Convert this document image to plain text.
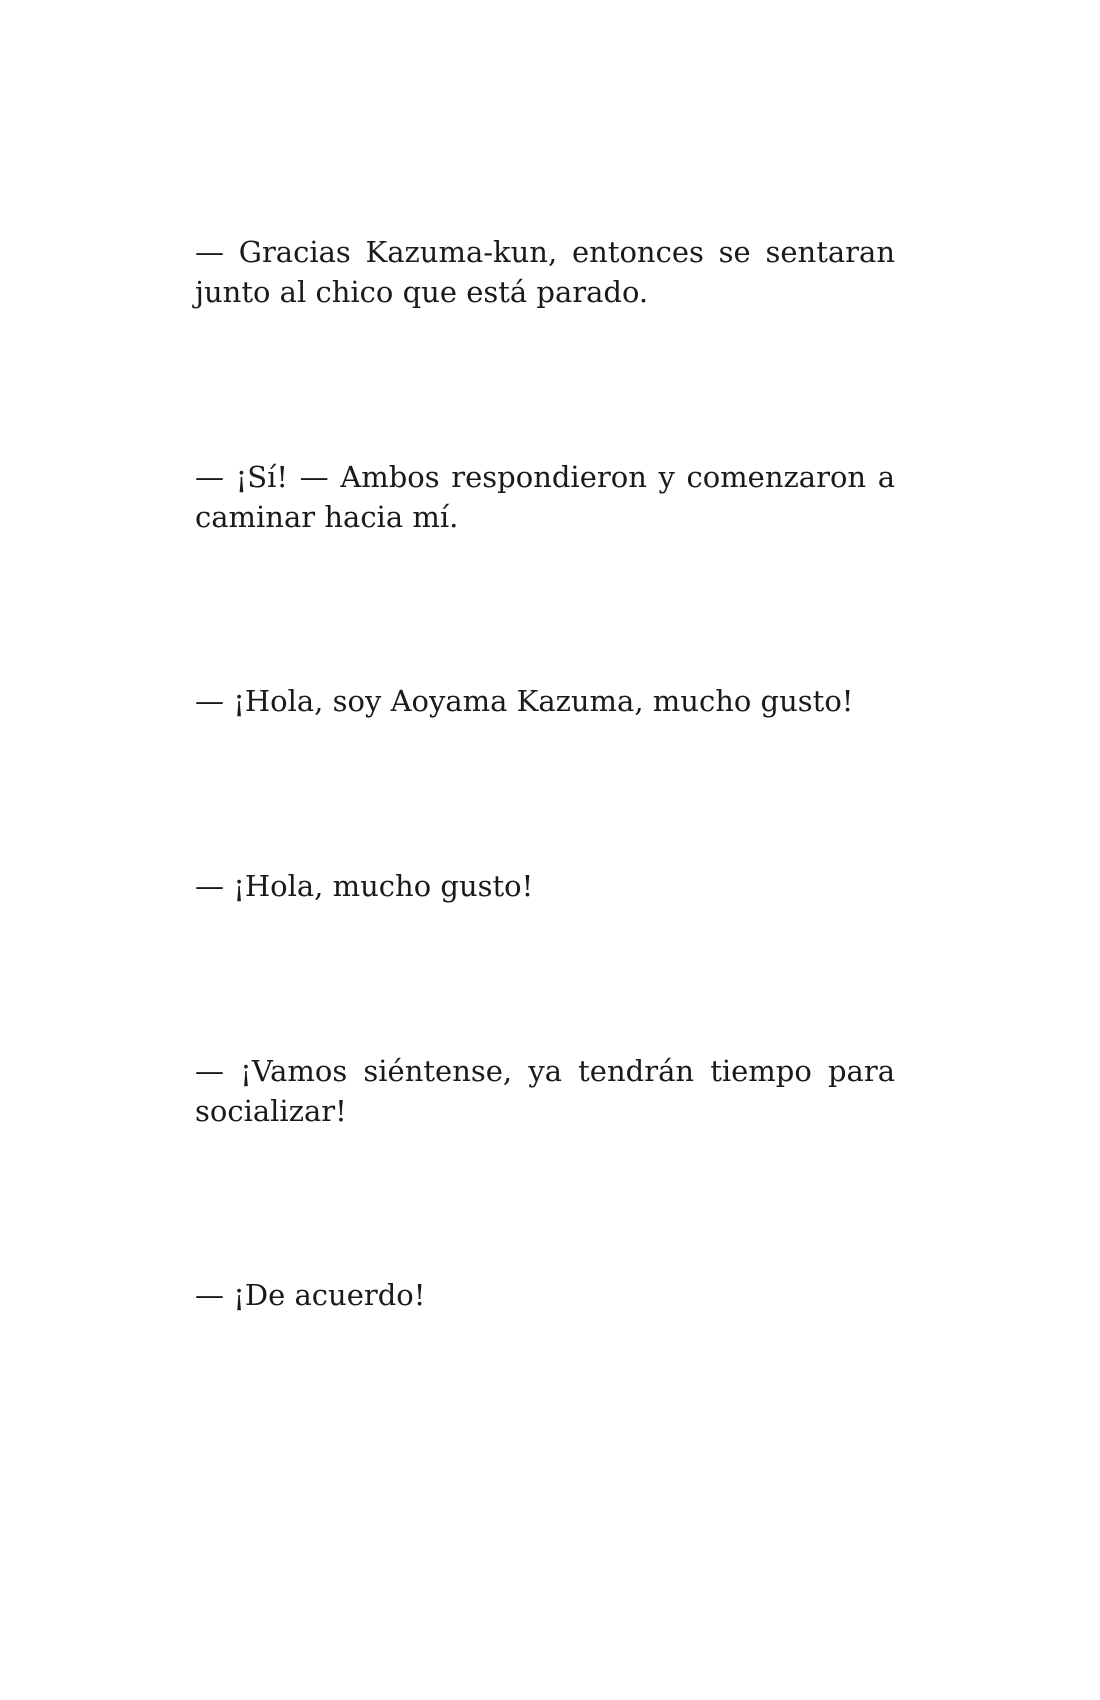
— Gracias Kazuma-kun, entonces se sentaran junto al chico que está parado.

— ¡Sí! — Ambos respondieron y comenzaron a caminar hacia mí.

— ¡Hola, soy Aoyama Kazuma, mucho gusto!

— ¡Hola, mucho gusto!

— ¡Vamos siéntense, ya tendrán tiempo para socializar!

— ¡De acuerdo!
